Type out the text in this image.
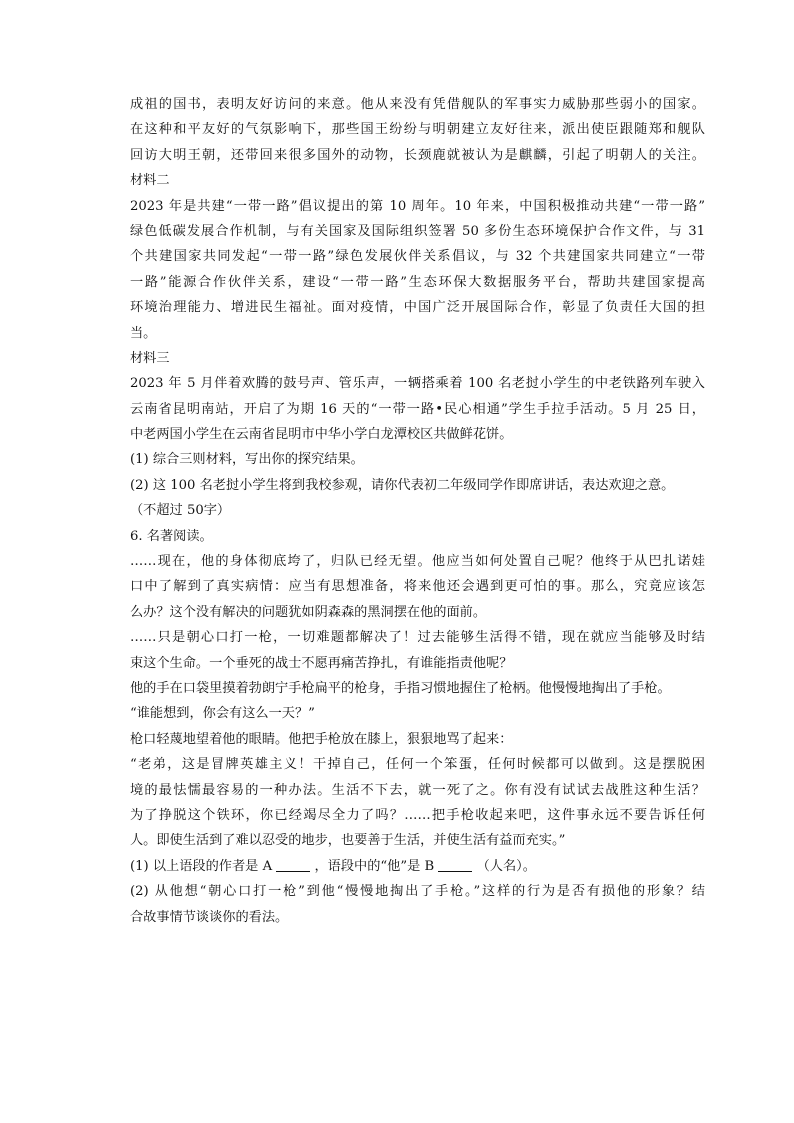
成祖的国书，表明友好访问的来意。他从来没有凭借舰队的军事实力威胁那些弱小的国家。
在这种和平友好的气氛影响下，那些国王纷纷与明朝建立友好往来，派出使臣跟随郑和舰队
回访大明王朝，还带回来很多国外的动物，长颈鹿就被认为是麒麟，引起了明朝人的关注。
材料二
2023 年是共建“一带一路”倡议提出的第 10 周年。10 年来，中国积极推动共建“一带一路”
绿色低碳发展合作机制，与有关国家及国际组织签署 50 多份生态环境保护合作文件，与 31
个共建国家共同发起“一带一路”绿色发展伙伴关系倡议，与 32 个共建国家共同建立“一带
一路”能源合作伙伴关系，建设“一带一路”生态环保大数据服务平台，帮助共建国家提高
环境治理能力、增进民生福祉。面对疫情，中国广泛开展国际合作，彰显了负责任大国的担
当。
材料三
2023 年 5 月伴着欢腾的鼓号声、管乐声，一辆搭乘着 100 名老挝小学生的中老铁路列车驶入
云南省昆明南站，开启了为期 16 天的“一带一路•民心相通”学生手拉手活动。5 月 25 日，
中老两国小学生在云南省昆明市中华小学白龙潭校区共做鲜花饼。
(1) 综合三则材料，写出你的探究结果。
(2) 这 100 名老挝小学生将到我校参观，请你代表初二年级同学作即席讲话，表达欢迎之意。
（不超过 50字）
6. 名著阅读。
……现在，他的身体彻底垮了，归队已经无望。他应当如何处置自己呢？他终于从巴扎诺娃
口中了解到了真实病情：应当有思想准备，将来他还会遇到更可怕的事。那么，究竟应该怎
么办？这个没有解决的问题犹如阴森森的黑洞摆在他的面前。
……只是朝心口打一枪，一切难题都解决了！过去能够生活得不错，现在就应当能够及时结
束这个生命。一个垂死的战士不愿再痛苦挣扎，有谁能指责他呢？
他的手在口袋里摸着勃朗宁手枪扁平的枪身，手指习惯地握住了枪柄。他慢慢地掏出了手枪。
“谁能想到，你会有这么一天？”
枪口轻蔑地望着他的眼睛。他把手枪放在膝上，狠狠地骂了起来：
“老弟，这是冒牌英雄主义！干掉自己，任何一个笨蛋，任何时候都可以做到。这是摆脱困
境的最怯懦最容易的一种办法。生活不下去，就一死了之。你有没有试试去战胜这种生活？
为了挣脱这个铁环，你已经竭尽全力了吗？……把手枪收起来吧，这件事永远不要告诉任何
人。即使生活到了难以忍受的地步，也要善于生活，并使生活有益而充实。”
(1) 以上语段的作者是 A	，语段中的“他”是 B	（人名）。
(2) 从他想“朝心口打一枪”到他“慢慢地掏出了手枪。”这样的行为是否有损他的形象？结
合故事情节谈谈你的看法。
